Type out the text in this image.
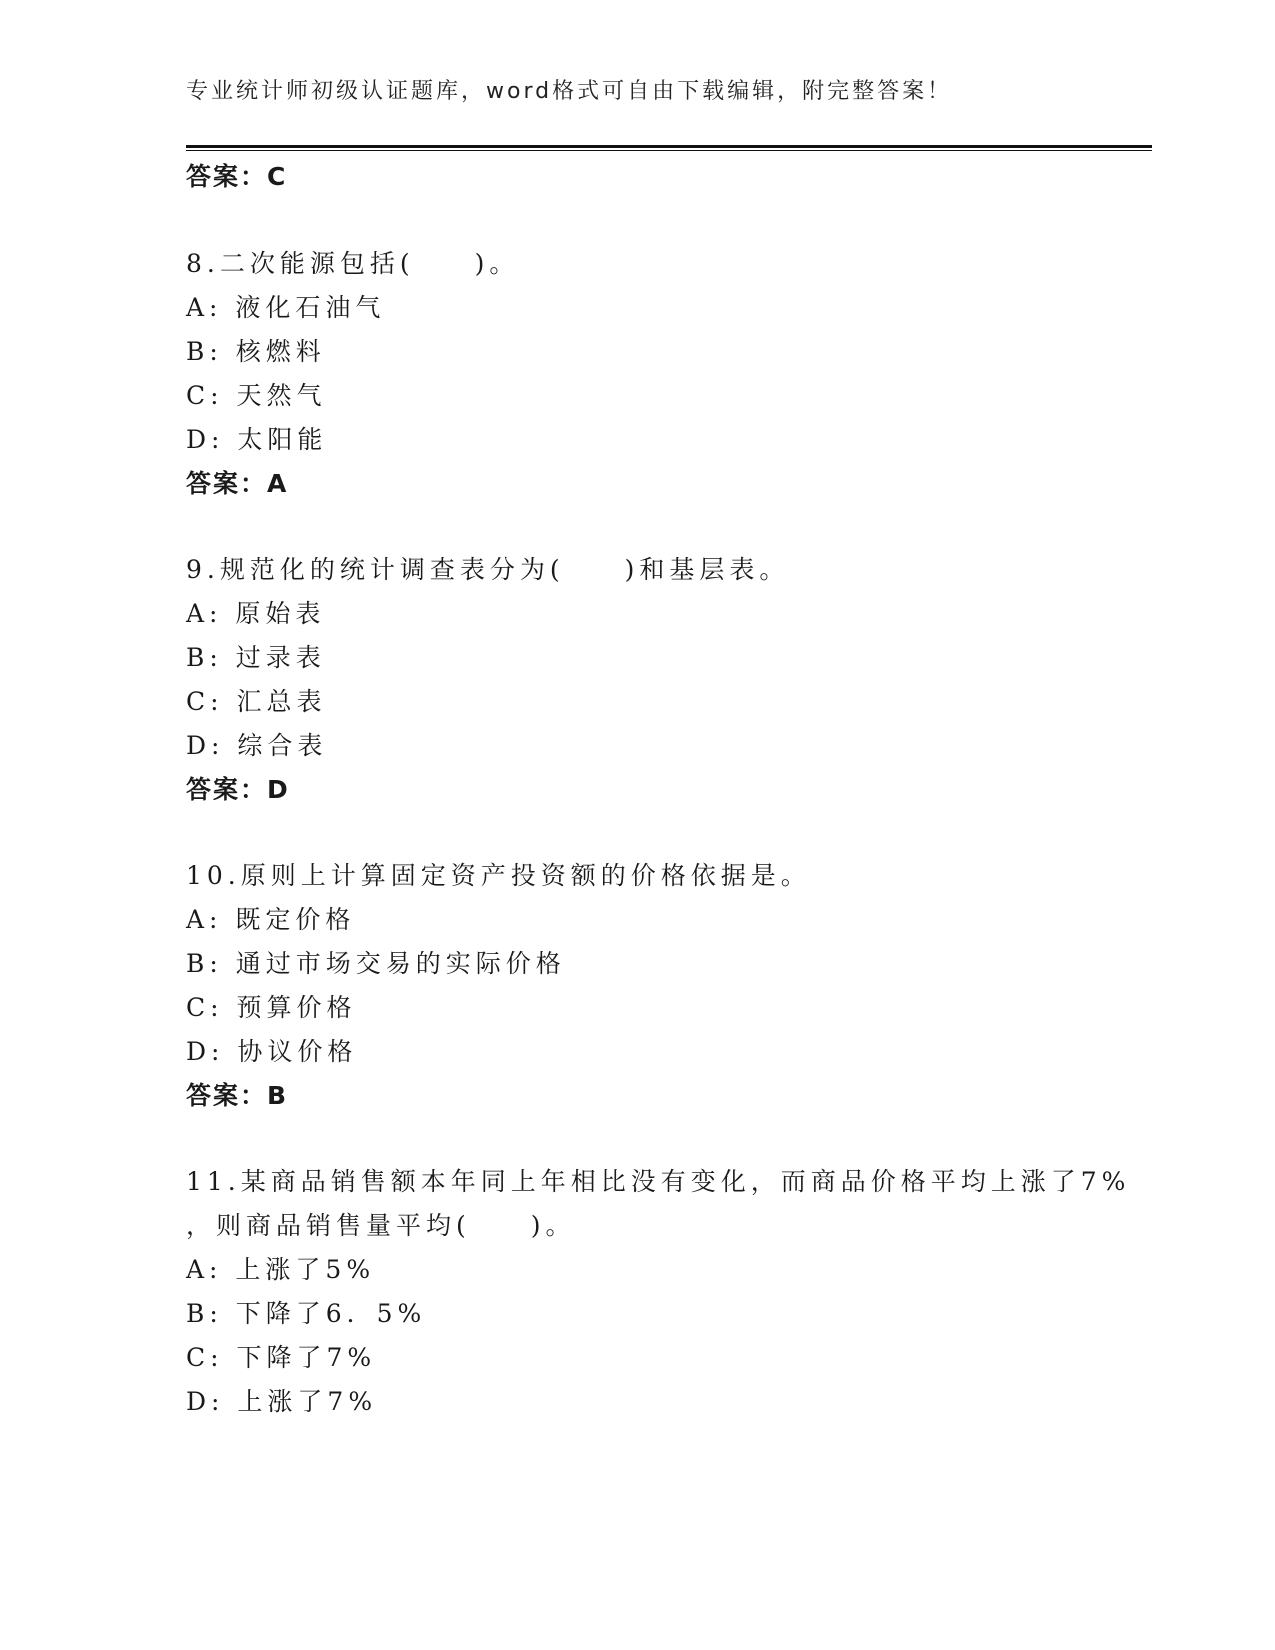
专业统计师初级认证题库，word格式可自由下载编辑，附完整答案！
答案：C
8.二次能源包括(　　)。
A: 液化石油气
B: 核燃料
C: 天然气
D: 太阳能
答案：A
9.规范化的统计调查表分为(　　)和基层表。
A: 原始表
B: 过录表
C: 汇总表
D: 综合表
答案：D
10.原则上计算固定资产投资额的价格依据是。
A: 既定价格
B: 通过市场交易的实际价格
C: 预算价格
D: 协议价格
答案：B
11.某商品销售额本年同上年相比没有变化，而商品价格平均上涨了7%
，则商品销售量平均(　　)。
A: 上涨了5%
B: 下降了6．5%
C: 下降了7%
D: 上涨了7%
